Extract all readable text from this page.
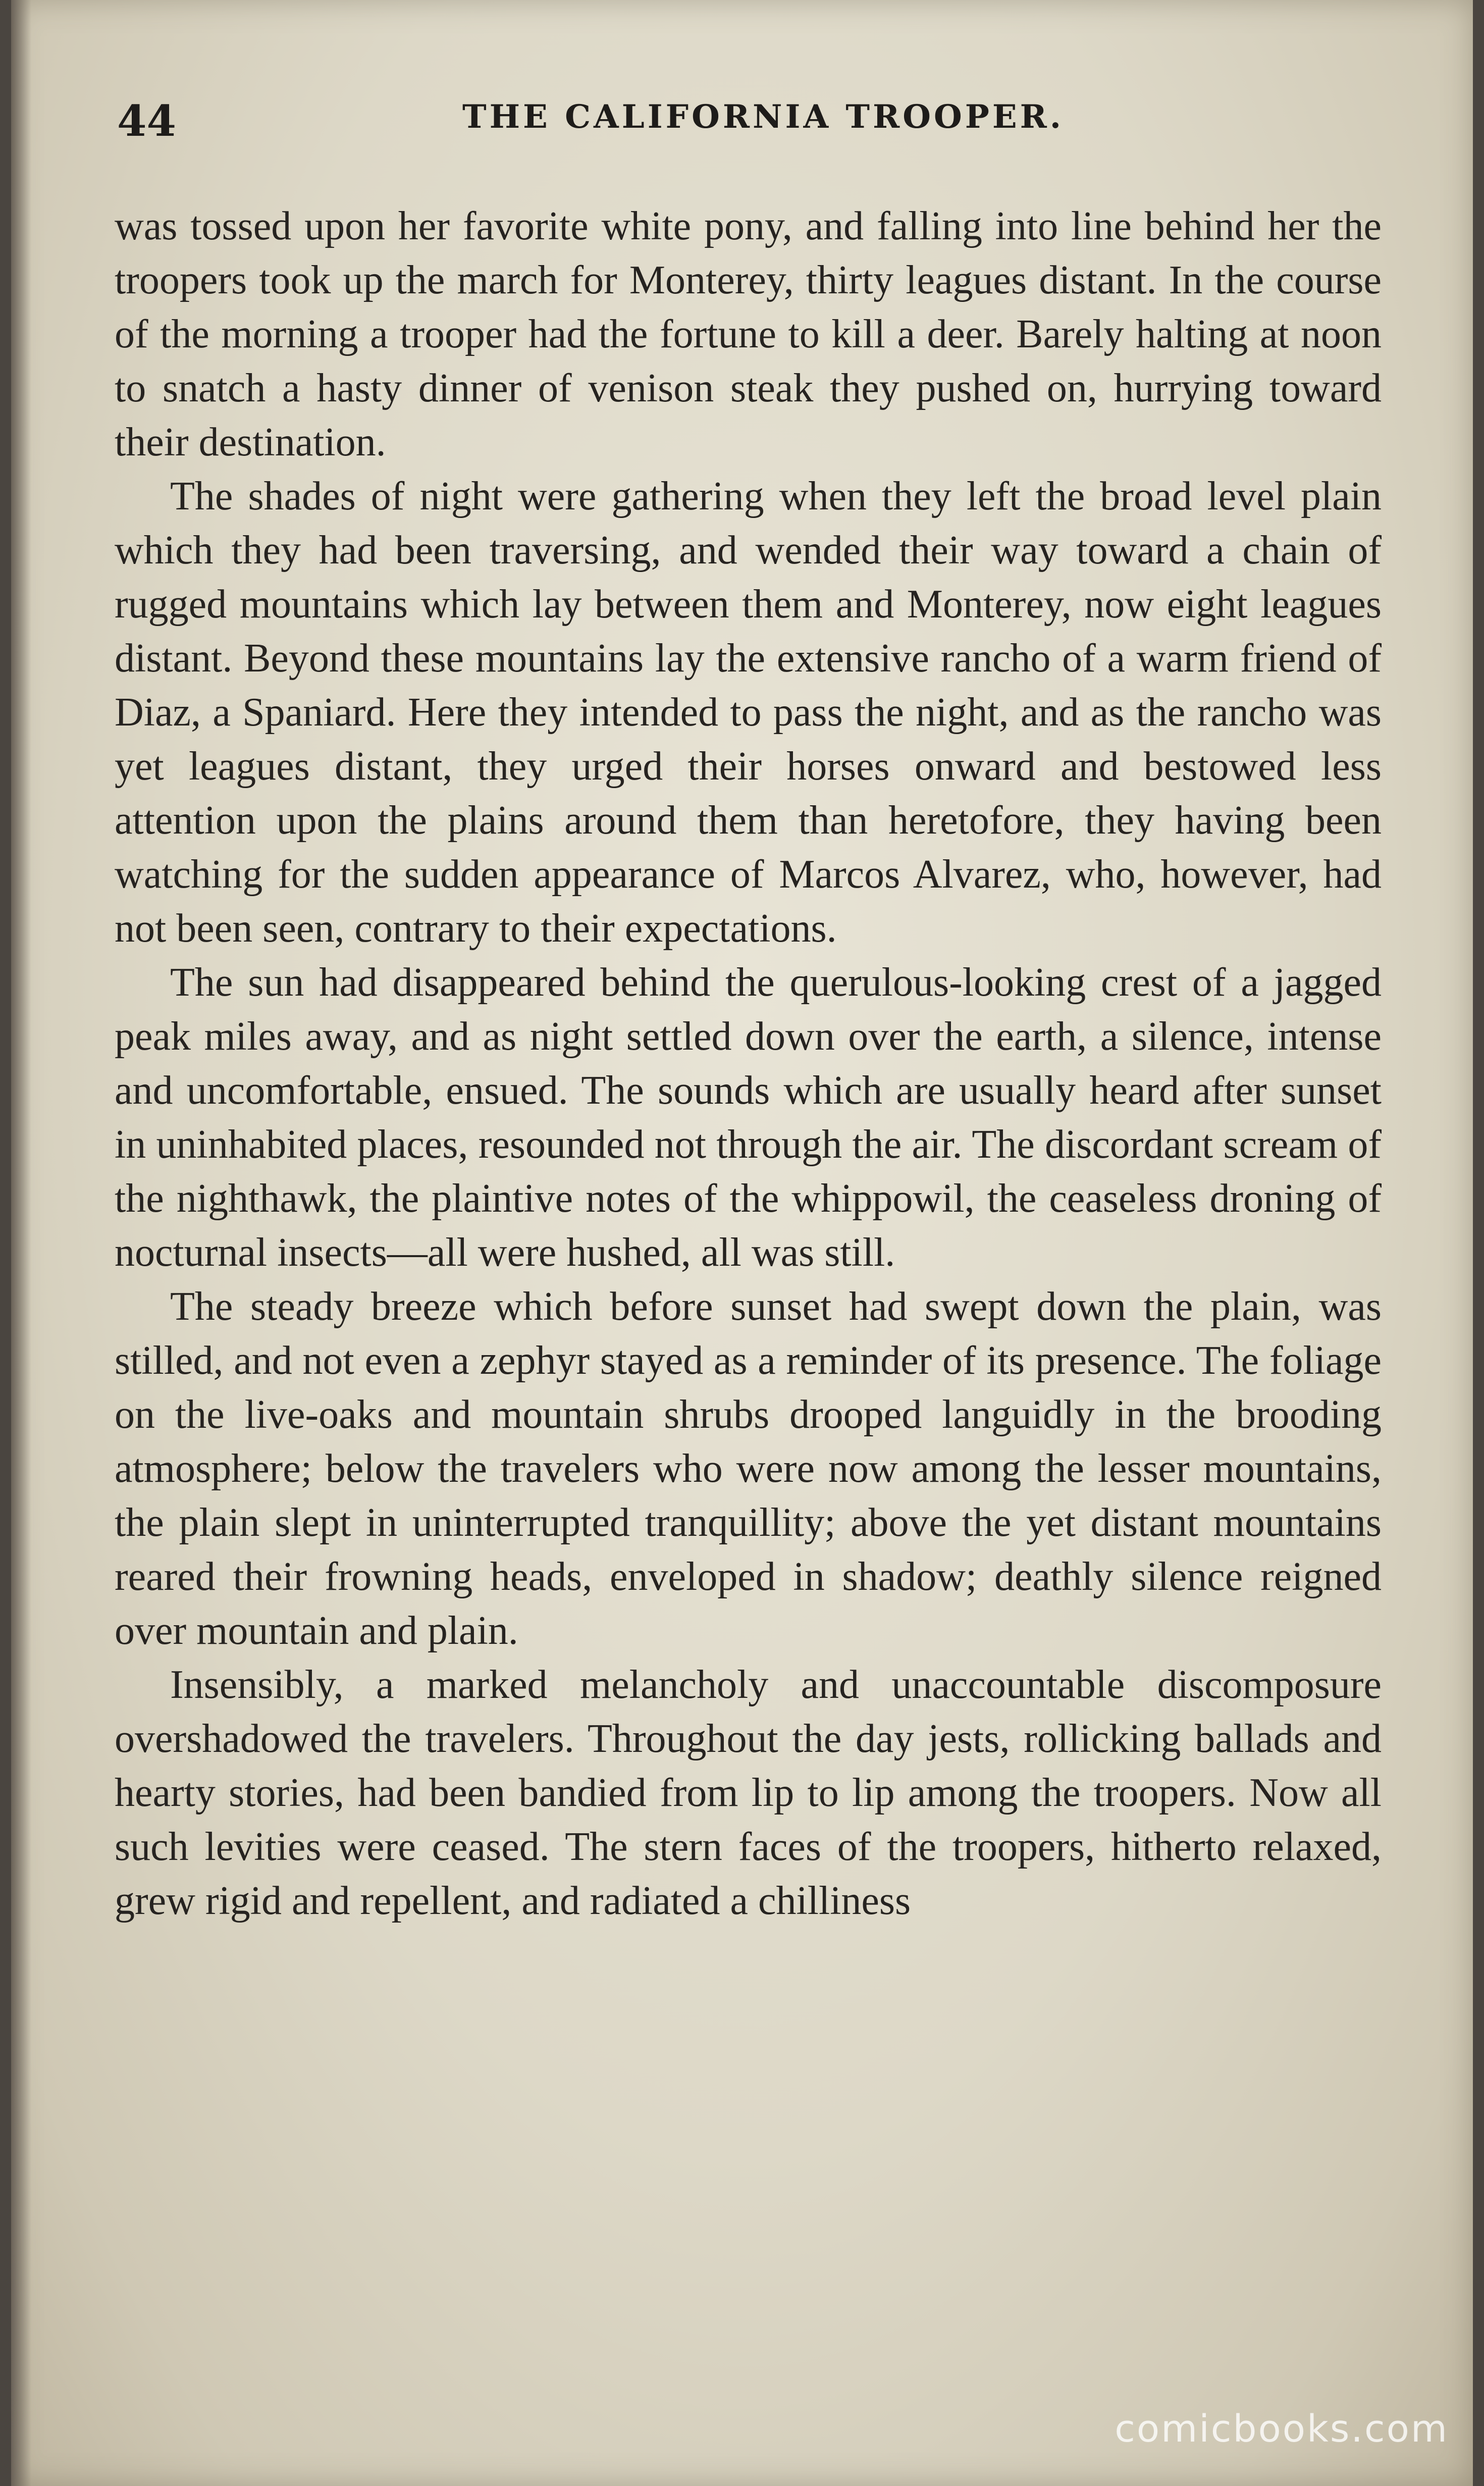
44	THE CALIFORNIA TROOPER.

was tossed upon her favorite white pony, and falling into line behind her the troopers took up the march for Monterey, thirty leagues distant. In the course of the morning a trooper had the fortune to kill a deer. Barely halting at noon to snatch a hasty dinner of venison steak they pushed on, hurrying toward their destination.

The shades of night were gathering when they left the broad level plain which they had been traversing, and wended their way toward a chain of rugged mountains which lay between them and Monterey, now eight leagues distant. Beyond these mountains lay the extensive rancho of a warm friend of Diaz, a Spaniard. Here they intended to pass the night, and as the rancho was yet leagues distant, they urged their horses onward and bestowed less attention upon the plains around them than heretofore, they having been watching for the sudden appearance of Marcos Alvarez, who, however, had not been seen, contrary to their expectations.

The sun had disappeared behind the querulous-looking crest of a jagged peak miles away, and as night settled down over the earth, a silence, intense and uncomfortable, ensued. The sounds which are usually heard after sunset in uninhabited places, resounded not through the air. The discordant scream of the nighthawk, the plaintive notes of the whippowil, the ceaseless droning of nocturnal insects—all were hushed, all was still.

The steady breeze which before sunset had swept down the plain, was stilled, and not even a zephyr stayed as a reminder of its presence. The foliage on the live-oaks and mountain shrubs drooped languidly in the brooding atmosphere; below the travelers who were now among the lesser mountains, the plain slept in uninterrupted tranquillity; above the yet distant mountains reared their frowning heads, enveloped in shadow; deathly silence reigned over mountain and plain.

Insensibly, a marked melancholy and unaccountable discomposure overshadowed the travelers. Throughout the day jests, rollicking ballads and hearty stories, had been bandied from lip to lip among the troopers. Now all such levities were ceased. The stern faces of the troopers, hitherto relaxed, grew rigid and repellent, and radiated a chilliness

comicbooks.com
